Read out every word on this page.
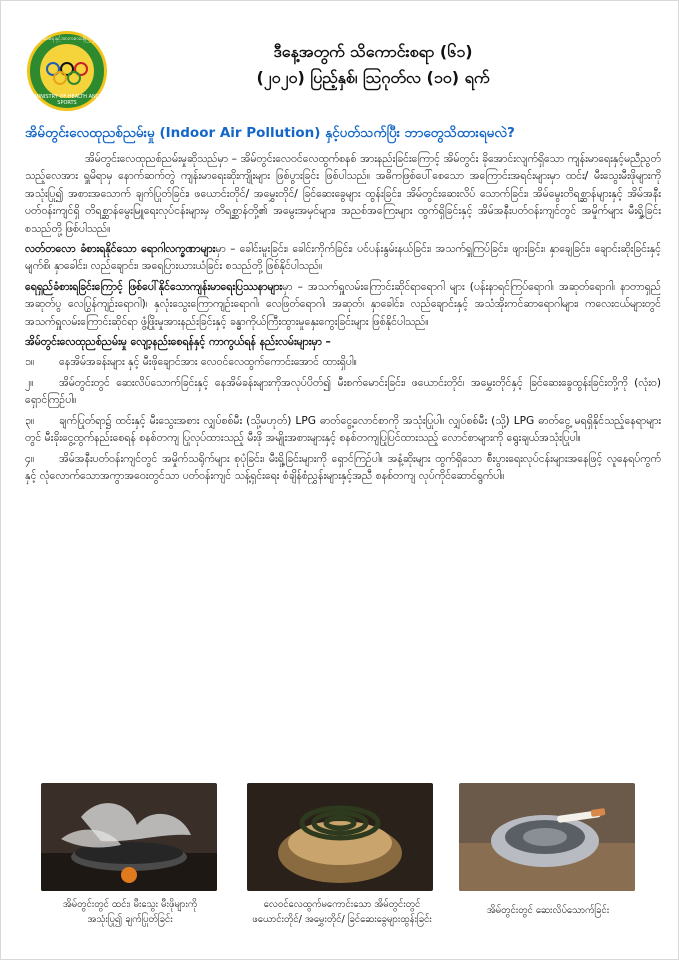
ကျန်းမာရေးနှင့်အားကစားဝန်ကြီးဌာန
MINISTRY OF HEALTH AND SPORTS
ဒီနေ့အတွက် သိကောင်းစရာ (၆၁)
(၂၀၂၀) ပြည့်နှစ်၊ ဩဂုတ်လ (၁၀) ရက်
အိမ်တွင်းလေထုညစ်ညမ်းမှု (Indoor Air Pollution) နှင့်ပတ်သက်ပြီး ဘာတွေသိထားရမလဲ?

အိမ်တွင်းလေထုညစ်ညမ်းမှုဆိုသည်မှာ – အိမ်တွင်းလေဝင်လေထွက်စနစ် အားနည်းခြင်းကြောင့် အိမ်တွင်း ခိုအောင်းလျက်ရှိသော ကျန်းမာရေးနှင့်မညီညွတ်သည့်လေအား ရှူမိရာမှ နောက်ဆက်တွဲ ကျန်းမာရေးဆိုးကျိုးများ ဖြစ်ပွားခြင်း ဖြစ်ပါသည်။ အဓိကဖြစ်ပေါ်စေသော အကြောင်းအရင်းများမှာ ထင်း/ မီးသွေးမီးဖိုများကို အသုံးပြု၍ အစားအသောက် ချက်ပြုတ်ခြင်း၊ ဖယောင်းတိုင်/ အမွှေးတိုင်/ ခြင်ဆေးခွေများ ထွန်းခြင်း၊ အိမ်တွင်းဆေးလိပ် သောက်ခြင်း၊ အိမ်မွေးတိရစ္ဆာန်များနှင့် အိမ်အနီးပတ်ဝန်းကျင်ရှိ တိရစ္ဆာန်မွေးမြူရေးလုပ်ငန်းများမှ တိရစ္ဆာန်တို့၏ အမွေးအမှင်များ၊ အညစ်အကြေးများ ထွက်ရှိခြင်းနှင့် အိမ်အနီးပတ်ဝန်းကျင်တွင် အမှိုက်များ မီးရှို့ခြင်းစသည်တို့ ဖြစ်ပါသည်။

လတ်တလော ခံစားရနိုင်သော ရောဂါလက္ခဏာများမှာ – ခေါင်းမူးခြင်း၊ ခေါင်းကိုက်ခြင်း၊ ပင်ပန်းနွမ်းနယ်ခြင်း၊ အသက်ရှူကြပ်ခြင်း၊ ဖျားခြင်း၊ နှာချေခြင်း၊ ချောင်းဆိုးခြင်းနှင့် မျက်စိ၊ နှာခေါင်း၊ လည်ချောင်း၊ အရေပြားယားယံခြင်း စသည်တို့ ဖြစ်နိုင်ပါသည်။

ရေရှည်ခံစားရခြင်းကြောင့် ဖြစ်ပေါ်နိုင်သောကျန်းမာရေးပြဿနာများမှာ – အသက်ရှူလမ်းကြောင်းဆိုင်ရာရောဂါ များ (ပန်းနာရင်ကြပ်ရောဂါ၊ အဆုတ်ရောဂါ၊ နာတာရှည်အဆုတ်ပွ လေပြွန်ကျဉ်းရောဂါ)၊ နှလုံးသွေးကြောကျဉ်းရောဂါ၊ လေဖြတ်ရောဂါ၊ အဆုတ်၊ နှာခေါင်း၊ လည်ချောင်းနှင့် အသံအိုးကင်ဆာရောဂါများ၊ ကလေးငယ်များတွင် အသက်ရှူလမ်းကြောင်းဆိုင်ရာ ဖွံ့ဖြိုးမှုအားနည်းခြင်းနှင့် ခန္ဓာကိုယ်ကြီးထွားမှုနှေးကွေးခြင်းများ ဖြစ်နိုင်ပါသည်။

အိမ်တွင်းလေထုညစ်ညမ်းမှု လျော့နည်းစေရန်နှင့် ကာကွယ်ရန် နည်းလမ်းများမှာ –

၁။ နေအိမ်အခန်းများ နှင့် မီးဖိုချောင်အား လေဝင်လေထွက်ကောင်းအောင် ထားရှိပါ။

၂။ အိမ်တွင်းတွင် ဆေးလိပ်သောက်ခြင်းနှင့် နေအိမ်ခန်းများကိုအလုပ်ပိတ်၍ မီးစက်မောင်းခြင်း၊ ဖယောင်းတိုင်၊ အမွှေးတိုင်နှင့် ခြင်ဆေးခွေထွန်းခြင်းတို့ကို (လုံး၀) ရှောင်ကြဉ်ပါ။

၃။ ချက်ပြုတ်ရာ၌ ထင်းနှင့် မီးသွေးအစား လျှပ်စစ်မီး (သို့မဟုတ်) LPG ဓာတ်ငွေ့လောင်စာကို အသုံးပြုပါ။ လျှပ်စစ်မီး (သို့) LPG ဓာတ်ငွေ့ မရရှိနိုင်သည့်နေရာများတွင် မီးခိုးငွေ့ထွက်နည်းစေရန် စနစ်တကျ ပြုလုပ်ထားသည့် မီးဖို အမျိုးအစားများနှင့် စနစ်တကျပြုပြင်ထားသည့် လောင်စာများကို ရွေးချယ်အသုံးပြုပါ။

၄။ အိမ်အနီးပတ်ဝန်းကျင်တွင် အမှိုက်သရိုက်များ စုပုံခြင်း၊ မီးရှို့ခြင်းများကို ရှောင်ကြဉ်ပါ။ အနံ့ဆိုးများ ထွက်ရှိသော စီးပွားရေးလုပ်ငန်းများအနေဖြင့် လူနေရပ်ကွက်နှင့် လုံလောက်သောအကွာအဝေးတွင်သာ ပတ်ဝန်းကျင် သန့်ရှင်းရေး စံချိန်စံညွှန်းများနှင့်အညီ စနစ်တကျ လုပ်ကိုင်ဆောင်ရွက်ပါ။

အိမ်တွင်းတွင် ထင်း၊ မီးသွေး မီးဖိုများကို
အသုံးပြု၍ ချက်ပြုတ်ခြင်း
လေဝင်လေထွက်မကောင်းသော အိမ်တွင်းတွင်
ဖယောင်းတိုင်/ အမွှေးတိုင်/ ခြင်ဆေးခွေများထွန်းခြင်း
အိမ်တွင်းတွင် ဆေးလိပ်သောက်ခြင်း
